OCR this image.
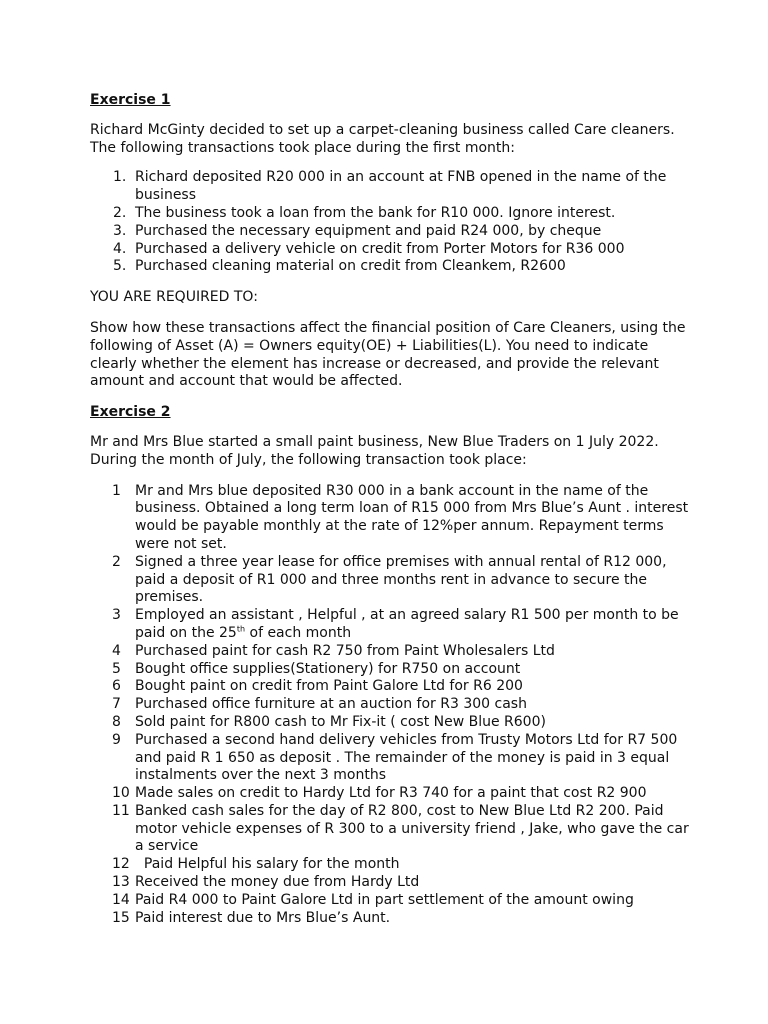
Exercise 1

Richard McGinty decided to set up a carpet-cleaning business called Care cleaners. The following transactions took place during the first month:

1. Richard deposited R20 000 in an account at FNB opened in the name of the business
2. The business took a loan from the bank for R10 000. Ignore interest.
3. Purchased the necessary equipment and paid R24 000, by cheque
4. Purchased a delivery vehicle on credit from Porter Motors for R36 000
5. Purchased cleaning material on credit from Cleankem, R2600

YOU ARE REQUIRED TO:

Show how these transactions affect the financial position of Care Cleaners, using the following of Asset (A) = Owners equity(OE) + Liabilities(L). You need to indicate clearly whether the element has increase or decreased, and provide the relevant amount and account that would be affected.

Exercise 2

Mr and Mrs Blue started a small paint business, New Blue Traders on 1 July 2022. During the month of July, the following transaction took place:

1	Mr and Mrs blue deposited R30 000 in a bank account in the name of the business. Obtained a long term loan of R15 000 from Mrs Blue’s Aunt . interest would be payable monthly at the rate of 12%per annum. Repayment terms were not set.
2	Signed a three year lease for office premises with annual rental of R12 000, paid a deposit of R1 000 and three months rent in advance to secure the premises.
3	Employed an assistant , Helpful , at an agreed salary R1 500 per month to be paid on the 25th of each month
4	Purchased paint for cash R2 750 from Paint Wholesalers Ltd
5	Bought office supplies(Stationery) for R750 on account
6	Bought paint on credit from Paint Galore Ltd for R6 200
7	Purchased office furniture at an auction for R3 300 cash
8	Sold paint for R800 cash to Mr Fix-it ( cost New Blue R600)
9	Purchased a second hand delivery vehicles from Trusty Motors Ltd for R7 500 and paid R 1 650 as deposit . The remainder of the money is paid in 3 equal instalments over the next 3 months
10 Made sales on credit to Hardy Ltd for R3 740 for a paint that cost R2 900
11 Banked cash sales for the day of R2 800, cost to New Blue Ltd R2 200. Paid motor vehicle expenses of R 300 to a university friend , Jake, who gave the car a service
12 Paid Helpful his salary for the month
13 Received the money due from Hardy Ltd
14 Paid R4 000 to Paint Galore Ltd in part settlement of the amount owing
15 Paid interest due to Mrs Blue’s Aunt.
